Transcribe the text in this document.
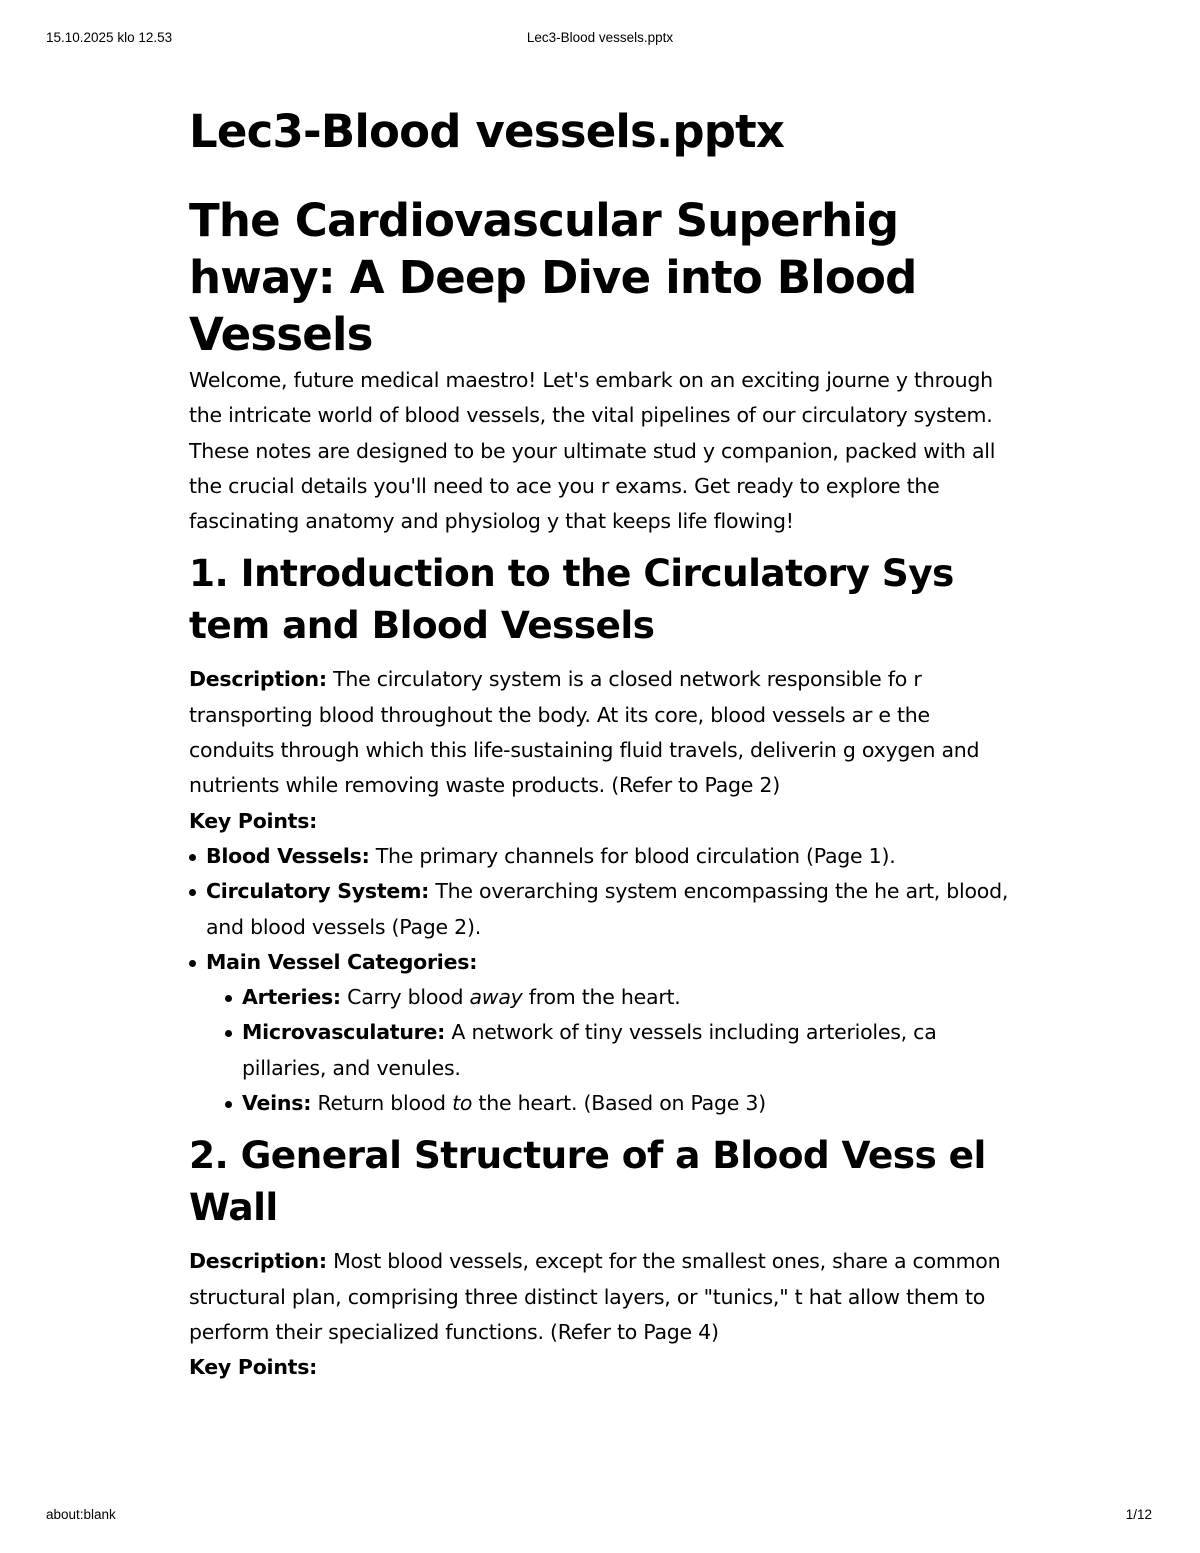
15.10.2025 klo 12.53	Lec3-Blood vessels.pptx
Lec3-Blood vessels.pptx
The Cardiovascular Superhig hway: A Deep Dive into Blood Vessels

Welcome, future medical maestro! Let's embark on an exciting journe y through the intricate world of blood vessels, the vital pipelines of our circulatory system. These notes are designed to be your ultimate stud y companion, packed with all the crucial details you'll need to ace you r exams. Get ready to explore the fascinating anatomy and physiolog y that keeps life flowing!

1. Introduction to the Circulatory Sys tem and Blood Vessels

Description: The circulatory system is a closed network responsible fo r transporting blood throughout the body. At its core, blood vessels ar e the conduits through which this life-sustaining fluid travels, deliverin g oxygen and nutrients while removing waste products. (Refer to Page 2)

Key Points:

Blood Vessels: The primary channels for blood circulation (Page 1).
Circulatory System: The overarching system encompassing the he art, blood, and blood vessels (Page 2).
Main Vessel Categories:
Arteries: Carry blood away from the heart.
Microvasculature: A network of tiny vessels including arterioles, ca pillaries, and venules.
Veins: Return blood to the heart. (Based on Page 3)
2. General Structure of a Blood Vess el Wall

Description: Most blood vessels, except for the smallest ones, share a common structural plan, comprising three distinct layers, or "tunics," t hat allow them to perform their specialized functions. (Refer to Page 4)

Key Points:

about:blank	1/12
